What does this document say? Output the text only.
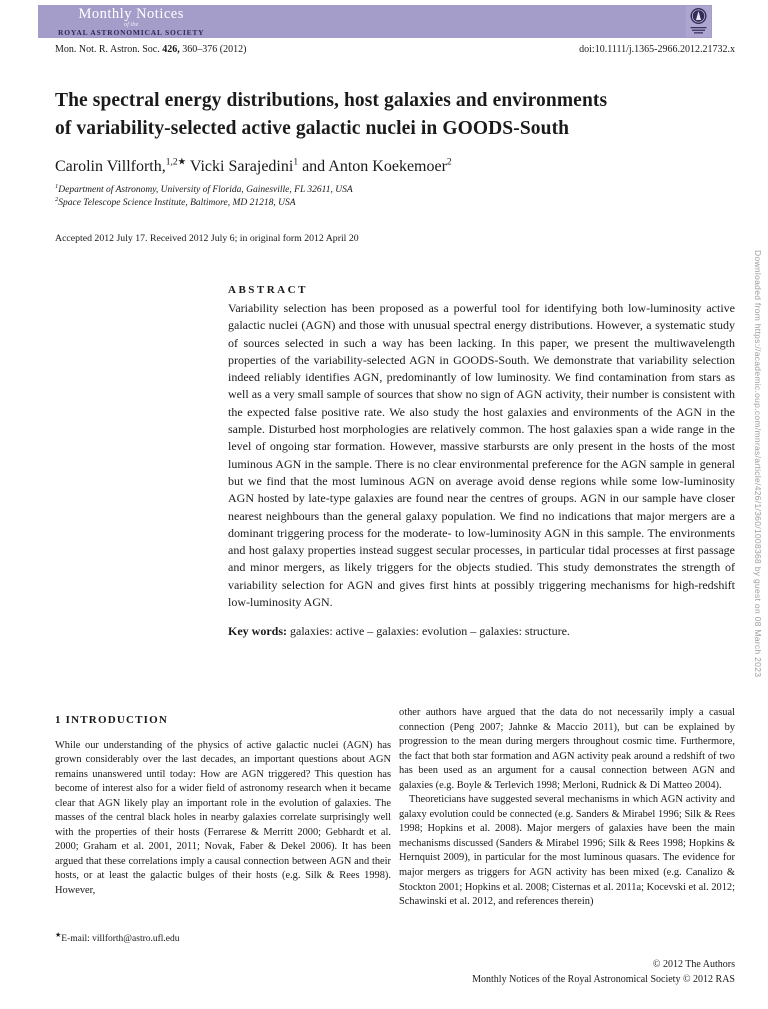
Monthly Notices
of the
ROYAL ASTRONOMICAL SOCIETY
Mon. Not. R. Astron. Soc. 426, 360–376 (2012)	doi:10.1111/j.1365-2966.2012.21732.x
The spectral energy distributions, host galaxies and environments
of variability-selected active galactic nuclei in GOODS-South
Carolin Villforth,$^{1,2★}$ Vicki Sarajedini$^1$ and Anton Koekemoer$^2$
$^1$Department of Astronomy, University of Florida, Gainesville, FL 32611, USA
$^2$Space Telescope Science Institute, Baltimore, MD 21218, USA
Accepted 2012 July 17. Received 2012 July 6; in original form 2012 April 20
ABSTRACT

Variability selection has been proposed as a powerful tool for identifying both low-luminosity active galactic nuclei (AGN) and those with unusual spectral energy distributions. However, a systematic study of sources selected in such a way has been lacking. In this paper, we present the multiwavelength properties of the variability-selected AGN in GOODS-South. We demonstrate that variability selection indeed reliably identifies AGN, predominantly of low luminosity. We find contamination from stars as well as a very small sample of sources that show no sign of AGN activity, their number is consistent with the expected false positive rate. We also study the host galaxies and environments of the AGN in the sample. Disturbed host morphologies are relatively common. The host galaxies span a wide range in the level of ongoing star formation. However, massive starbursts are only present in the hosts of the most luminous AGN in the sample. There is no clear environmental preference for the AGN sample in general but we find that the most luminous AGN on average avoid dense regions while some low-luminosity AGN hosted by late-type galaxies are found near the centres of groups. AGN in our sample have closer nearest neighbours than the general galaxy population. We find no indications that major mergers are a dominant triggering process for the moderate- to low-luminosity AGN in this sample. The environments and host galaxy properties instead suggest secular processes, in particular tidal processes at first passage and minor mergers, as likely triggers for the objects studied. This study demonstrates the strength of variability selection for AGN and gives first hints at possibly triggering mechanisms for high-redshift low-luminosity AGN.

Key words: galaxies: active – galaxies: evolution – galaxies: structure.

1 INTRODUCTION

While our understanding of the physics of active galactic nuclei (AGN) has grown considerably over the last decades, an important questions about AGN remains unanswered until today: How are AGN triggered? This question has become of interest also for a wider field of astronomy research when it became clear that AGN likely play an important role in the evolution of galaxies. The masses of the central black holes in nearby galaxies correlate surprisingly well with the properties of their hosts (Ferrarese & Merritt 2000; Gebhardt et al. 2000; Graham et al. 2001, 2011; Novak, Faber & Dekel 2006). It has been argued that these correlations imply a causal connection between AGN and their hosts, or at least the galactic bulges of their hosts (e.g. Silk & Rees 1998). However,

other authors have argued that the data do not necessarily imply a casual connection (Peng 2007; Jahnke & Maccio 2011), but can be explained by progression to the mean during mergers throughout cosmic time. Furthermore, the fact that both star formation and AGN activity peak around a redshift of two has been used as an argument for a causal connection between AGN and galaxies (e.g. Boyle & Terlevich 1998; Merloni, Rudnick & Di Matteo 2004).

Theoreticians have suggested several mechanisms in which AGN activity and galaxy evolution could be connected (e.g. Sanders & Mirabel 1996; Silk & Rees 1998; Hopkins et al. 2008). Major mergers of galaxies have been the main mechanisms discussed (Sanders & Mirabel 1996; Silk & Rees 1998; Hopkins & Hernquist 2009), in particular for the most luminous quasars. The evidence for major mergers as triggers for AGN activity has been mixed (e.g. Canalizo & Stockton 2001; Hopkins et al. 2008; Cisternas et al. 2011a; Kocevski et al. 2012; Schawinski et al. 2012, and references therein)

★E-mail: villforth@astro.ufl.edu
© 2012 The Authors
Monthly Notices of the Royal Astronomical Society © 2012 RAS
Downloaded from https://academic.oup.com/mnras/article/426/1/360/1008368 by guest on 08 March 2023
